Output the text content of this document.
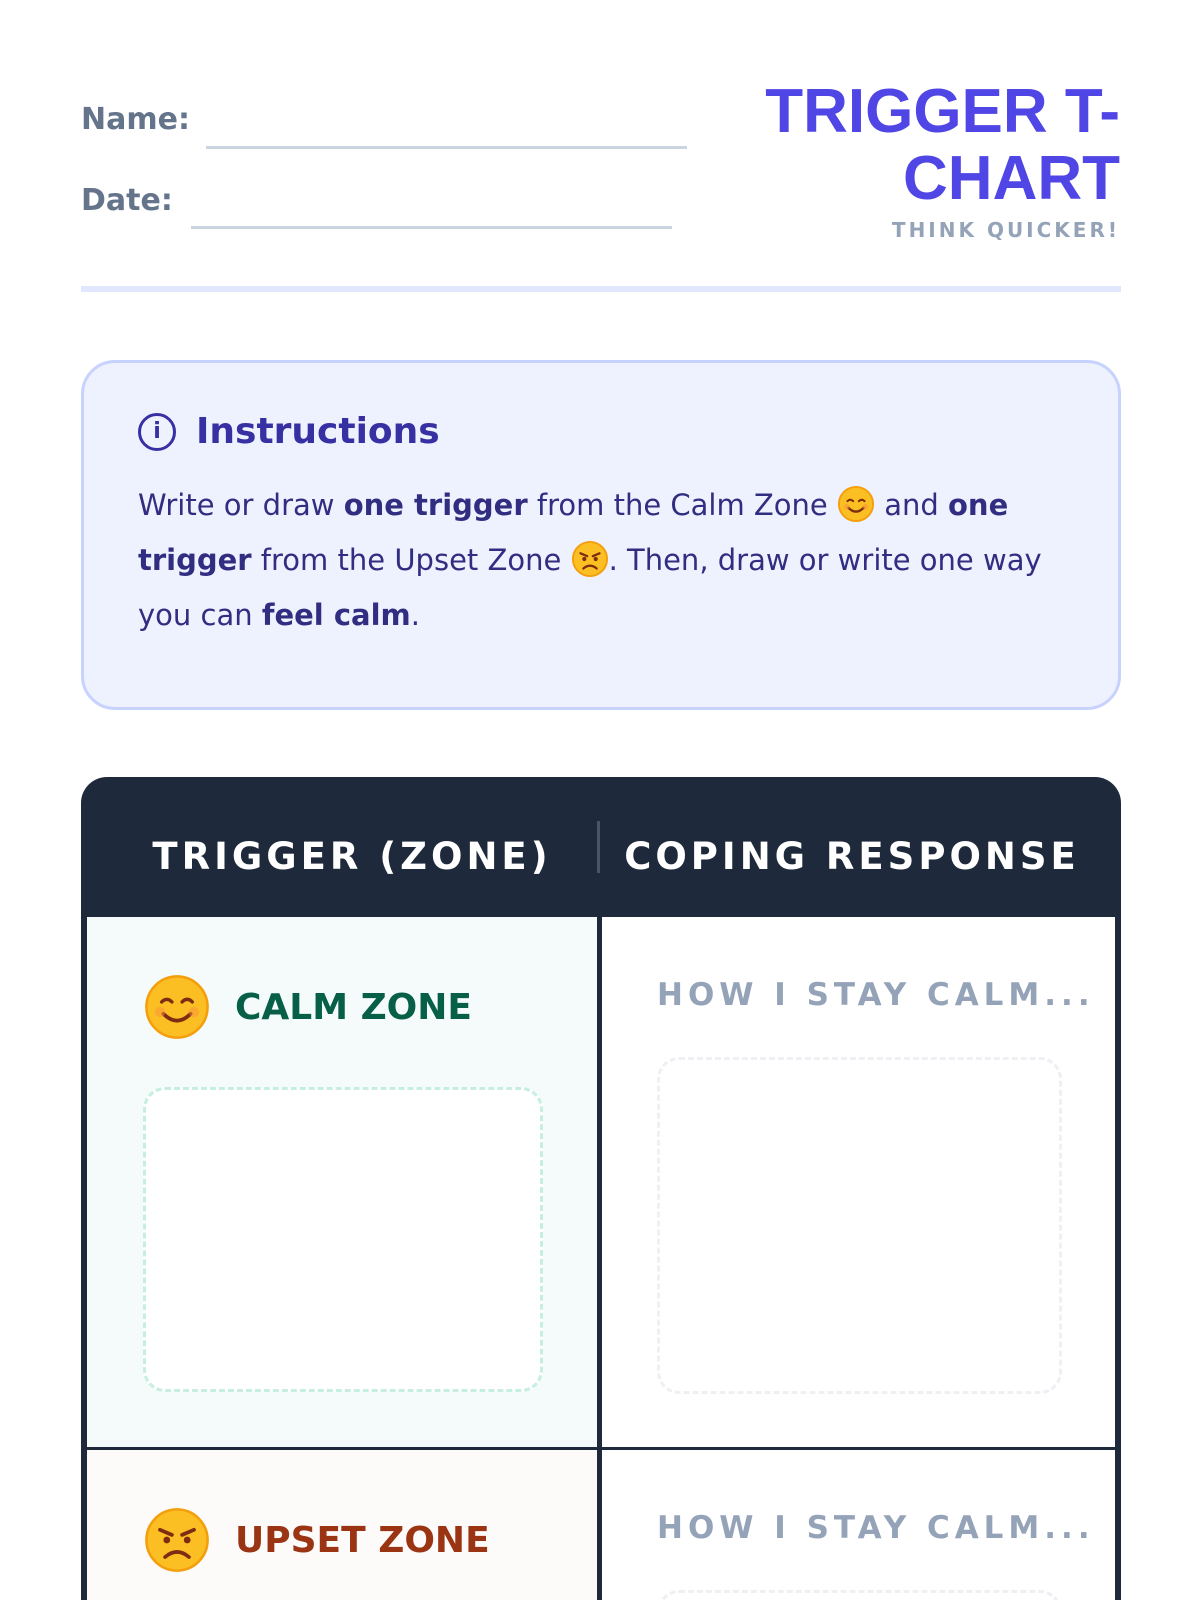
Name:
Date:
TRIGGER T-
CHART
THINK QUICKER!
i Instructions
Write or draw one trigger from the Calm Zone  and one trigger from the Upset Zone . Then, draw or write one way you can feel calm.
TRIGGER (ZONE)	COPING RESPONSE
CALM ZONE	HOW I STAY CALM...
UPSET ZONE	HOW I STAY CALM...
